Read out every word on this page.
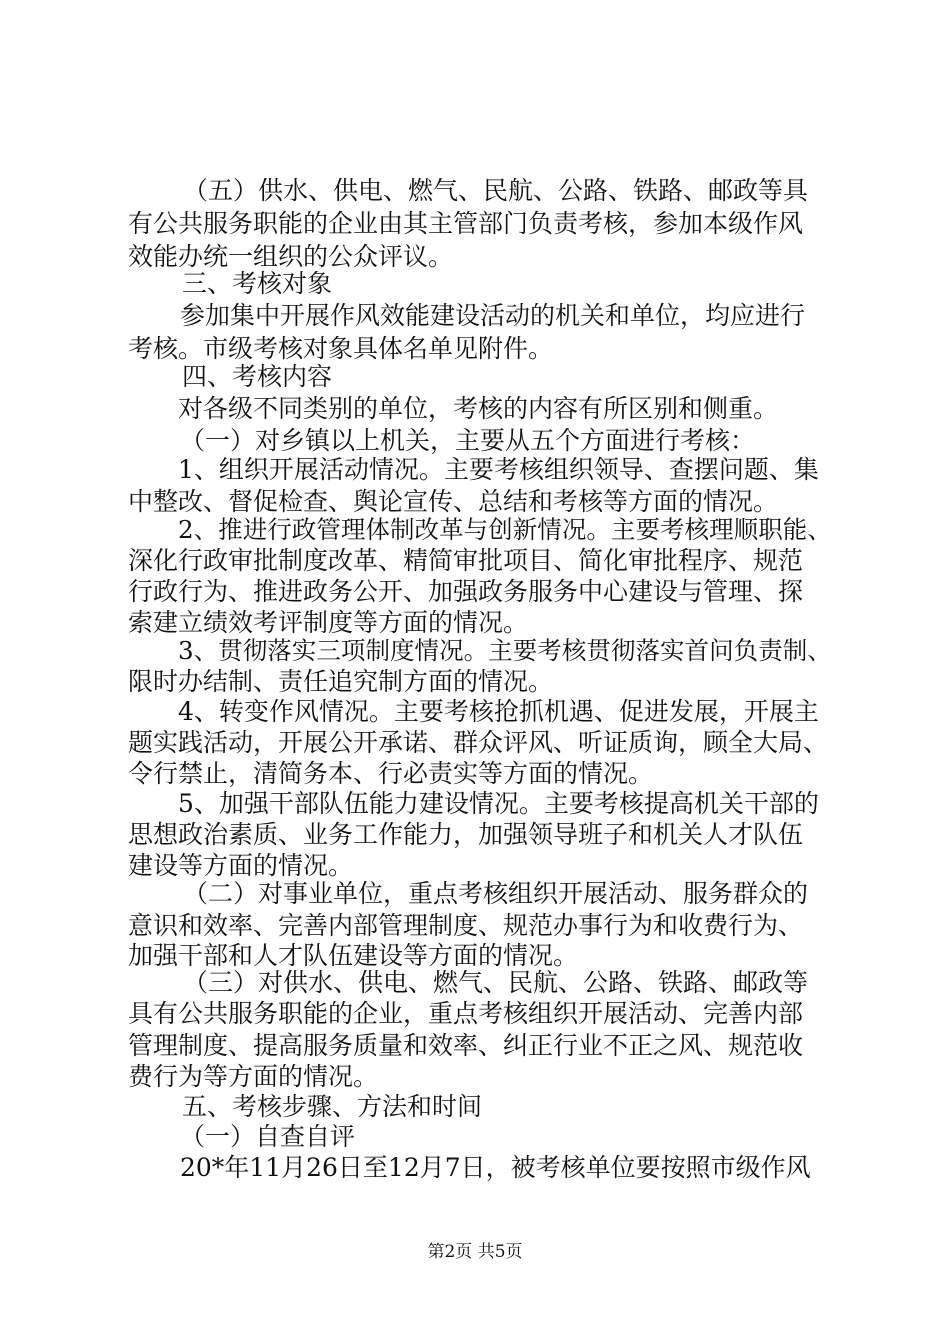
（五）供水、供电、燃气、民航、公路、铁路、邮政等具
有公共服务职能的企业由其主管部门负责考核，参加本级作风
效能办统一组织的公众评议。
三、考核对象
参加集中开展作风效能建设活动的机关和单位，均应进行
考核。市级考核对象具体名单见附件。
四、考核内容
对各级不同类别的单位，考核的内容有所区别和侧重。
（一）对乡镇以上机关，主要从五个方面进行考核：
1、组织开展活动情况。主要考核组织领导、查摆问题、集
中整改、督促检查、舆论宣传、总结和考核等方面的情况。
2、推进行政管理体制改革与创新情况。主要考核理顺职能、
深化行政审批制度改革、精简审批项目、简化审批程序、规范
行政行为、推进政务公开、加强政务服务中心建设与管理、探
索建立绩效考评制度等方面的情况。
3、贯彻落实三项制度情况。主要考核贯彻落实首问负责制、
限时办结制、责任追究制方面的情况。
4、转变作风情况。主要考核抢抓机遇、促进发展，开展主
题实践活动，开展公开承诺、群众评风、听证质询，顾全大局、
令行禁止，清简务本、行必责实等方面的情况。
5、加强干部队伍能力建设情况。主要考核提高机关干部的
思想政治素质、业务工作能力，加强领导班子和机关人才队伍
建设等方面的情况。
（二）对事业单位，重点考核组织开展活动、服务群众的
意识和效率、完善内部管理制度、规范办事行为和收费行为、
加强干部和人才队伍建设等方面的情况。
（三）对供水、供电、燃气、民航、公路、铁路、邮政等
具有公共服务职能的企业，重点考核组织开展活动、完善内部
管理制度、提高服务质量和效率、纠正行业不正之风、规范收
费行为等方面的情况。
五、考核步骤、方法和时间
（一）自查自评
20*年11月26日至12月7日，被考核单位要按照市级作风
第2页 共5页
